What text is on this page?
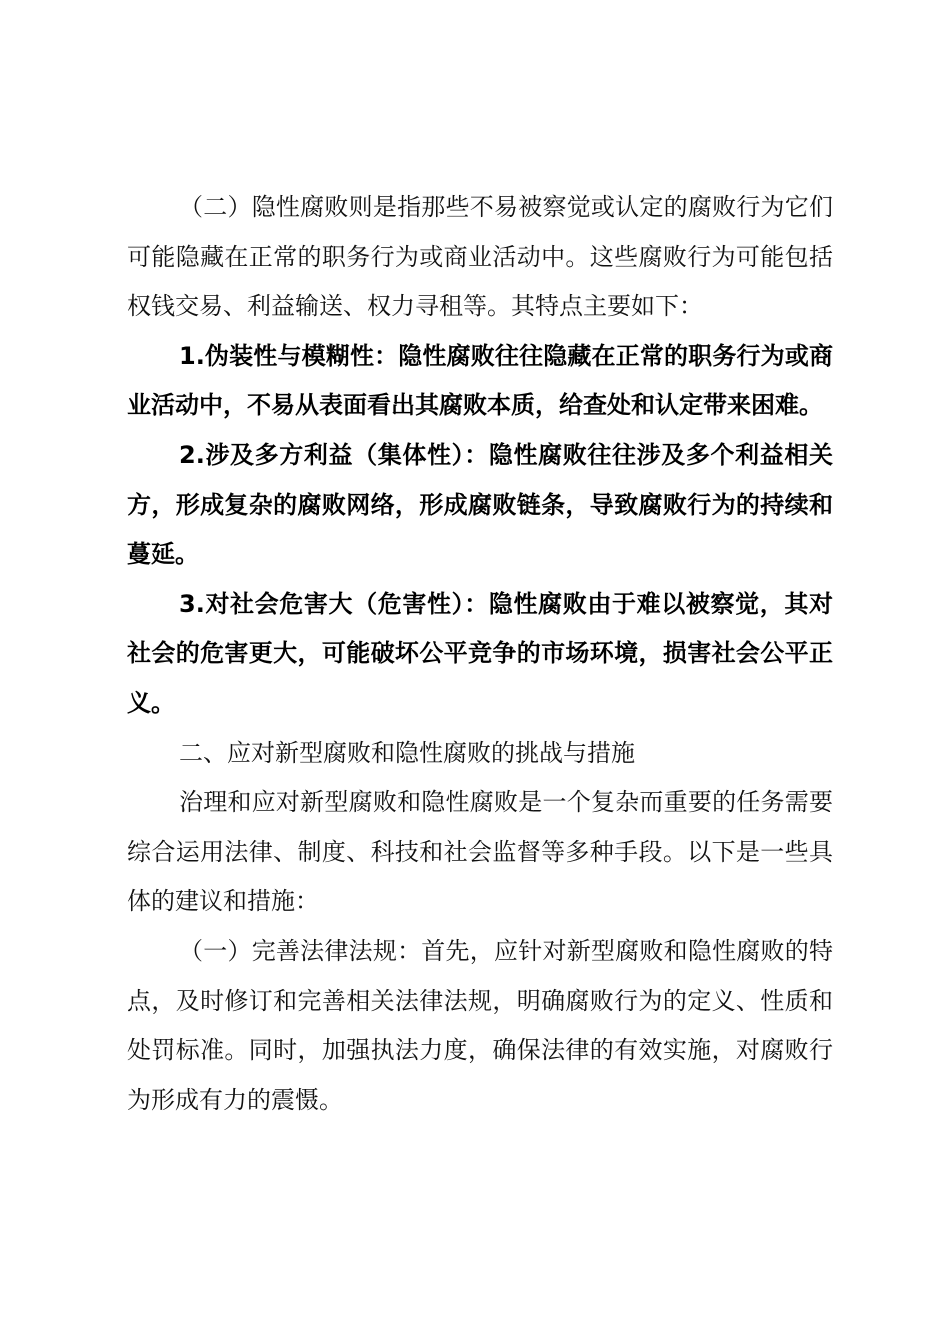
（二）隐性腐败则是指那些不易被察觉或认定的腐败行为它们可能隐藏在正常的职务行为或商业活动中。这些腐败行为可能包括权钱交易、利益输送、权力寻租等。其特点主要如下：

1.伪装性与模糊性：隐性腐败往往隐藏在正常的职务行为或商业活动中，不易从表面看出其腐败本质，给查处和认定带来困难。

2.涉及多方利益（集体性）：隐性腐败往往涉及多个利益相关方，形成复杂的腐败网络，形成腐败链条，导致腐败行为的持续和蔓延。

3.对社会危害大（危害性）：隐性腐败由于难以被察觉，其对社会的危害更大，可能破坏公平竞争的市场环境，损害社会公平正义。

二、应对新型腐败和隐性腐败的挑战与措施

治理和应对新型腐败和隐性腐败是一个复杂而重要的任务需要综合运用法律、制度、科技和社会监督等多种手段。以下是一些具体的建议和措施：

（一）完善法律法规：首先，应针对新型腐败和隐性腐败的特点，及时修订和完善相关法律法规，明确腐败行为的定义、性质和处罚标准。同时，加强执法力度，确保法律的有效实施，对腐败行为形成有力的震慑。
